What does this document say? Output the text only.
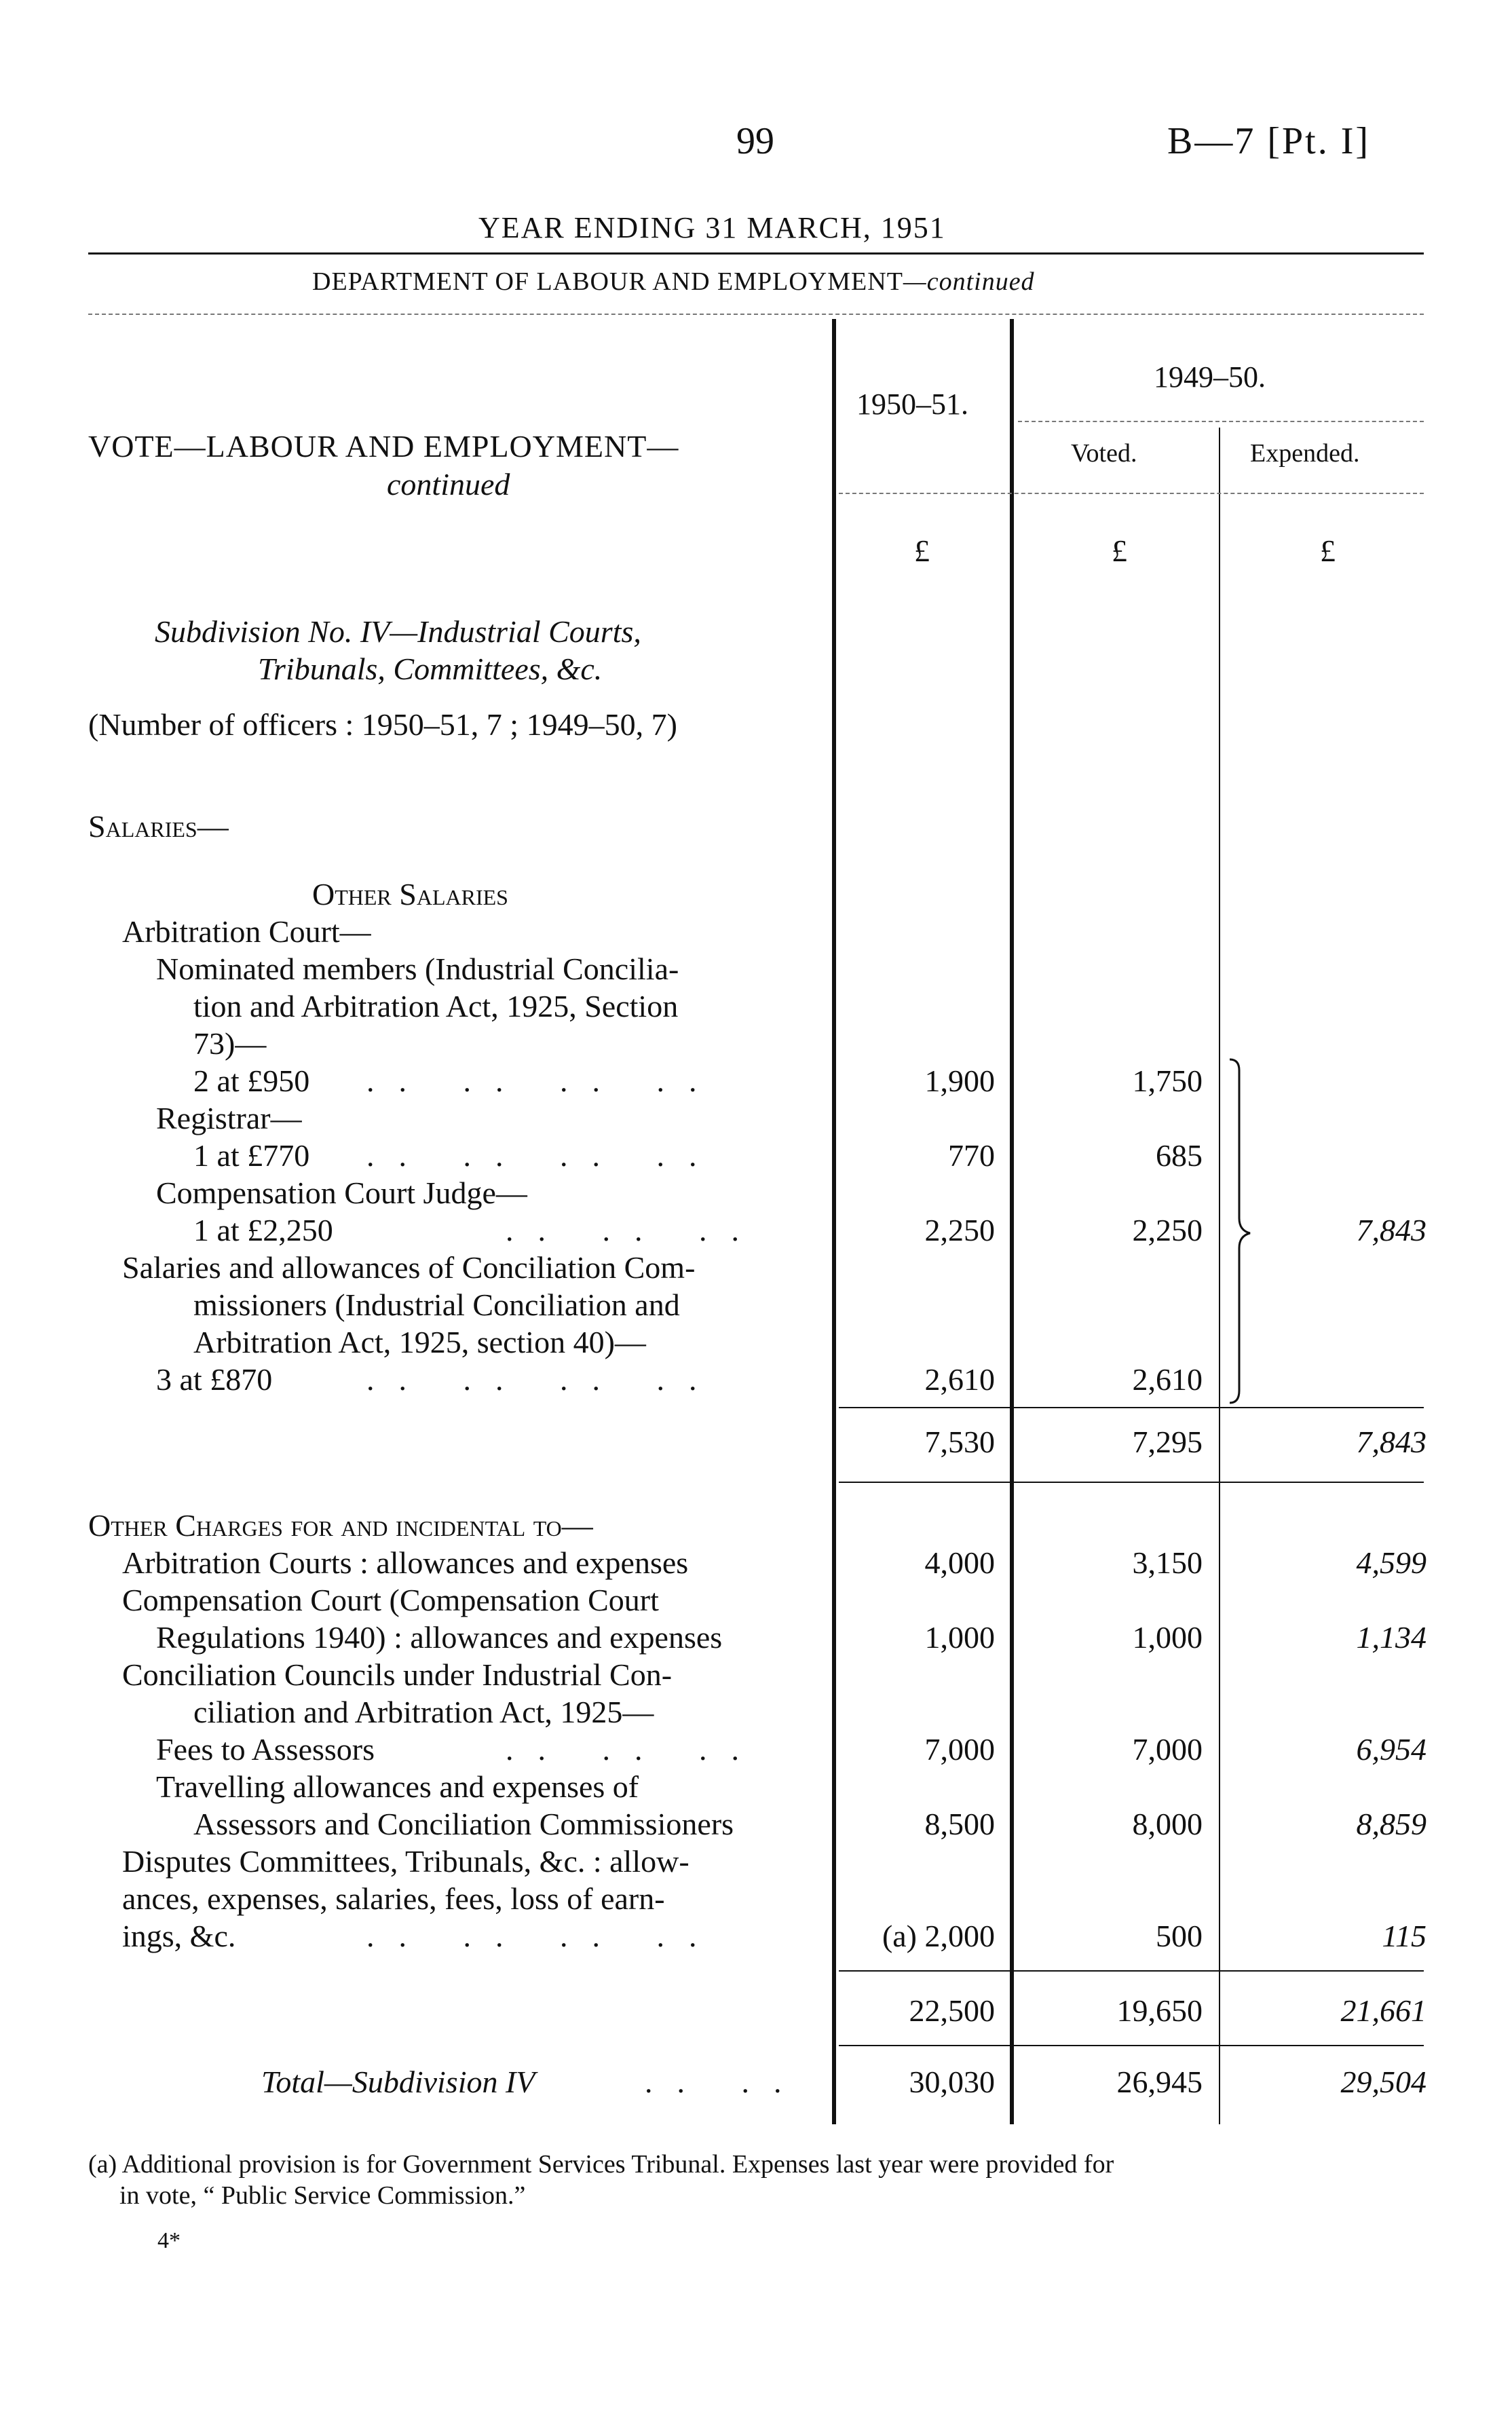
99	B—7 [Pt. I]
YEAR ENDING 31 MARCH, 1951
DEPARTMENT OF LABOUR AND EMPLOYMENT—continued
1950–51.
1949–50.
Voted.	Expended.
£	£	£
VOTE—LABOUR AND EMPLOYMENT—
continued
Subdivision No. IV—Industrial Courts,
Tribunals, Committees, &c.
(Number of officers : 1950–51, 7 ; 1949–50, 7)
Salaries—
Other Salaries
Arbitration Court—
Nominated members (Industrial Concilia-
tion and Arbitration Act, 1925, Section
73)—
2 at £950 .. .. .. ..	1,900	1,750
Registrar—
1 at £770 .. .. .. ..	770	685
Compensation Court Judge—
1 at £2,250	.. .. ..	2,250	2,250
Salaries and allowances of Conciliation Com-
missioners (Industrial Conciliation and
Arbitration Act, 1925, section 40)—
3 at £870	.. .. .. ..	2,610	2,610
7,843
7,530	7,295	7,843
Other Charges for and incidental to—
Arbitration Courts : allowances and expenses	4,000	3,150	4,599
Compensation Court (Compensation Court
Regulations 1940) : allowances and expenses	1,000	1,000	1,134
Conciliation Councils under Industrial Con-
ciliation and Arbitration Act, 1925—
Fees to Assessors	.. .. ..	7,000	7,000	6,954
Travelling allowances and expenses of
Assessors and Conciliation Commissioners	8,500	8,000	8,859
Disputes Committees, Tribunals, &c. : allow-
ances, expenses, salaries, fees, loss of earn-
ings, &c.	.. .. .. ..	(a) 2,000	500	115
22,500	19,650	21,661
Total—Subdivision IV	.. ..	30,030	26,945	29,504
(a) Additional provision is for Government Services Tribunal. Expenses last year were provided for
in vote, “ Public Service Commission.”
4*
